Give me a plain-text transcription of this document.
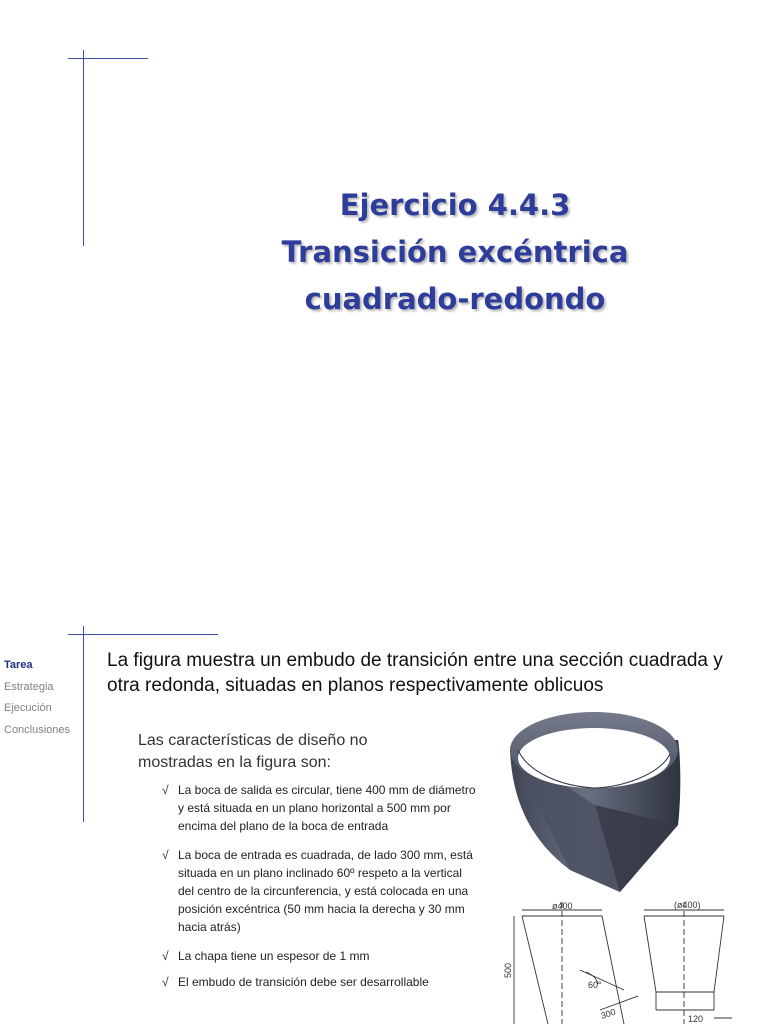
Ejercicio 4.4.3
Transición excéntrica
cuadrado-redondo
Tarea
Estrategia
Ejecución
Conclusiones
La figura muestra un embudo de transición entre una sección cuadrada y otra redonda, situadas en planos respectivamente oblicuos
Las características de diseño no mostradas en la figura son:
√ La boca de salida es circular, tiene 400 mm de diámetro y está situada en un plano horizontal a 500 mm por encima del plano de la boca de entrada
√ La boca de entrada es cuadrada, de lado 300 mm, está situada en un plano inclinado 60º respeto a la vertical del centro de la circunferencia, y está colocada en una posición excéntrica (50 mm hacia la derecha y 30 mm hacia atrás)
√ La chapa tiene un espesor de 1 mm
√ El embudo de transición debe ser desarrollable
ø400	(ø400)
500
60°
300	120
